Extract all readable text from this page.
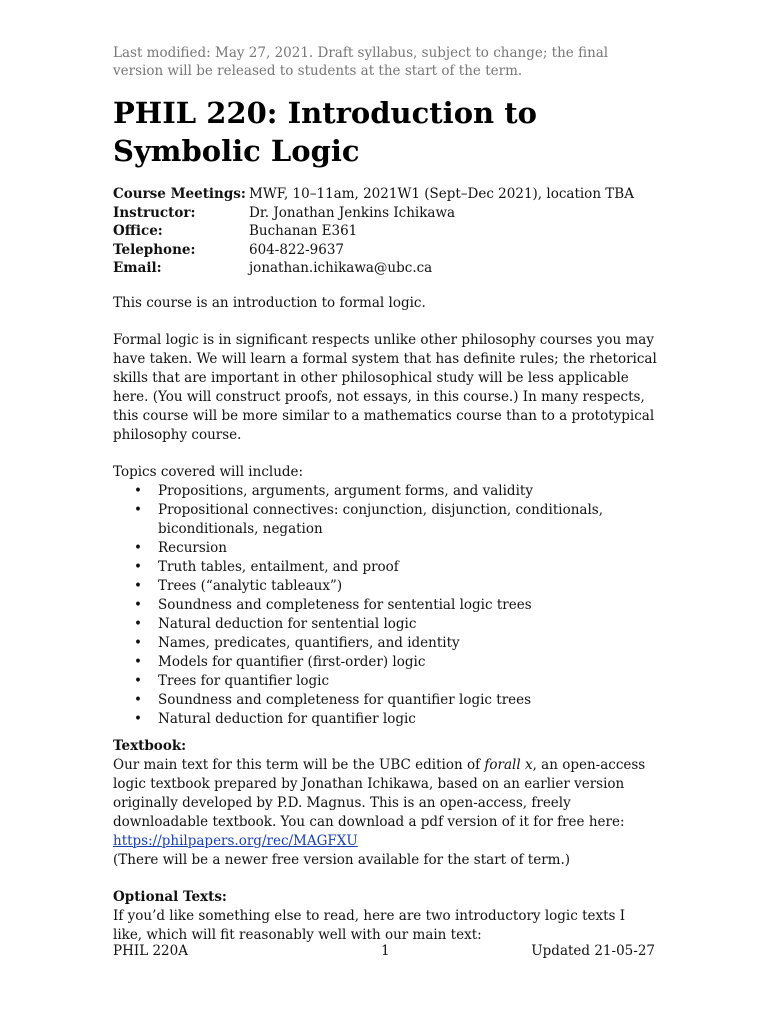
Last modified: May 27, 2021. Draft syllabus, subject to change; the final version will be released to students at the start of the term.
PHIL 220: Introduction to Symbolic Logic
Course Meetings: MWF, 10–11am, 2021W1 (Sept–Dec 2021), location TBA
Instructor:	Dr. Jonathan Jenkins Ichikawa
Office:	Buchanan E361
Telephone:	604-822-9637
Email:	jonathan.ichikawa@ubc.ca

This course is an introduction to formal logic.

Formal logic is in significant respects unlike other philosophy courses you may have taken. We will learn a formal system that has definite rules; the rhetorical skills that are important in other philosophical study will be less applicable here. (You will construct proofs, not essays, in this course.) In many respects, this course will be more similar to a mathematics course than to a prototypical philosophy course.

Topics covered will include:

• Propositions, arguments, argument forms, and validity
• Propositional connectives: conjunction, disjunction, conditionals, biconditionals, negation
• Recursion
• Truth tables, entailment, and proof
• Trees (“analytic tableaux”)
• Soundness and completeness for sentential logic trees
• Natural deduction for sentential logic
• Names, predicates, quantifiers, and identity
• Models for quantifier (first-order) logic
• Trees for quantifier logic
• Soundness and completeness for quantifier logic trees
• Natural deduction for quantifier logic
Textbook:
Our main text for this term will be the UBC edition of forall x, an open-access logic textbook prepared by Jonathan Ichikawa, based on an earlier version originally developed by P.D. Magnus. This is an open-access, freely downloadable textbook. You can download a pdf version of it for free here:
https://philpapers.org/rec/MAGFXU
(There will be a newer free version available for the start of term.)
Optional Texts:
If you’d like something else to read, here are two introductory logic texts I like, which will fit reasonably well with our main text:
PHIL 220A	1	Updated 21-05-27
